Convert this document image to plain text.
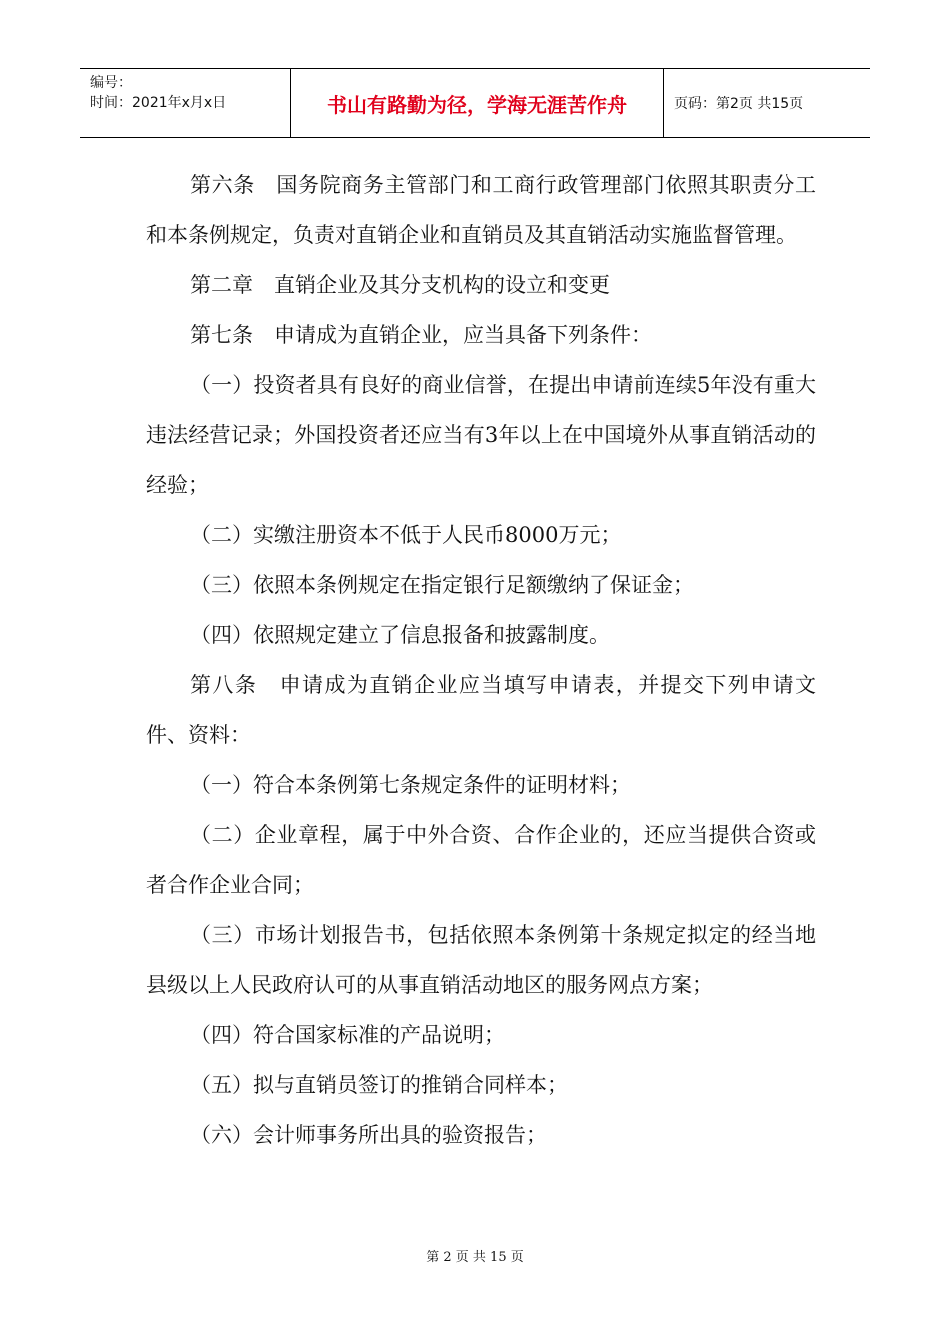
编号：
时间：2021年x月x日	书山有路勤为径，学海无涯苦作舟	页码：第2页 共15页

第六条　国务院商务主管部门和工商行政管理部门依照其职责分工和本条例规定，负责对直销企业和直销员及其直销活动实施监督管理。

第二章　直销企业及其分支机构的设立和变更

第七条　申请成为直销企业，应当具备下列条件：

（一）投资者具有良好的商业信誉，在提出申请前连续5年没有重大违法经营记录；外国投资者还应当有3年以上在中国境外从事直销活动的经验；

（二）实缴注册资本不低于人民币8000万元；

（三）依照本条例规定在指定银行足额缴纳了保证金；

（四）依照规定建立了信息报备和披露制度。

第八条　申请成为直销企业应当填写申请表，并提交下列申请文件、资料：

（一）符合本条例第七条规定条件的证明材料；

（二）企业章程，属于中外合资、合作企业的，还应当提供合资或者合作企业合同；

（三）市场计划报告书，包括依照本条例第十条规定拟定的经当地县级以上人民政府认可的从事直销活动地区的服务网点方案；

（四）符合国家标准的产品说明；

（五）拟与直销员签订的推销合同样本；

（六）会计师事务所出具的验资报告；

第 2 页 共 15 页
